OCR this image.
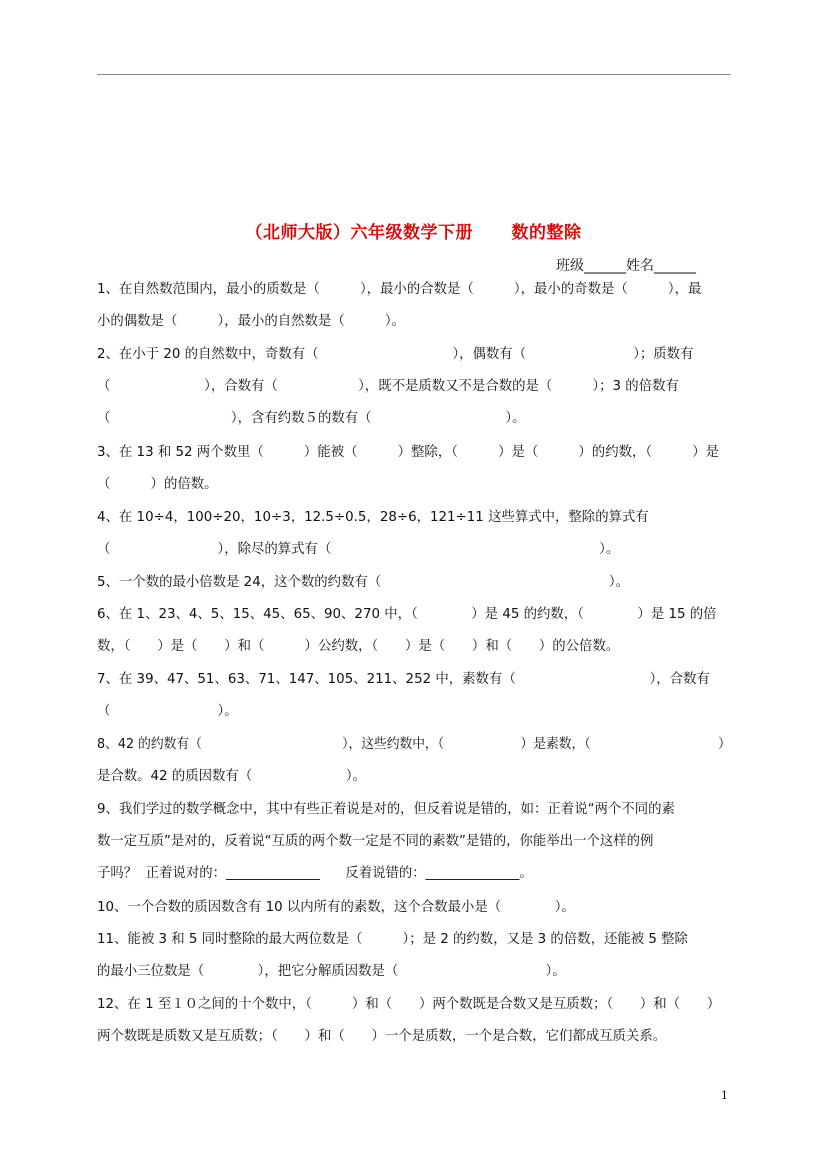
（北师大版）六年级数学下册      数的整除
班级______姓名______
1、在自然数范围内，最小的质数是（　　　），最小的合数是（　　　），最小的奇数是（　　　），最
小的偶数是（　　　），最小的自然数是（　　　）。
2、在小于 20 的自然数中，奇数有（　　　　　　　　　　），偶数有（　　　　　　　　）；质数有
（　　　　　　　），合数有（　　　　　　），既不是质数又不是合数的是（　　　）；3 的倍数有
（　　　　　　　　　），含有约数５的数有（　　　　　　　　　　）。
3、在 13 和 52 两个数里（　　　）能被（　　　）整除，（　　　）是（　　　）的约数，（　　　）是
（　　　）的倍数。
4、在 10÷4，100÷20，10÷3，12.5÷0.5，28÷6，121÷11 这些算式中，整除的算式有
（　　　　　　　　），除尽的算式有（　　　　　　　　　　　　　　　　　　　　）。
5、一个数的最小倍数是 24，这个数的约数有（　　　　　　　　　　　　　　　　　）。
6、在 1、23、4、5、15、45、65、90、270 中，（　　　　）是 45 的约数，（　　　　）是 15 的倍
数，（　　）是（　　）和（　　　）公约数，（　　）是（　　）和（　　）的公倍数。
7、在 39、47、51、63、71、147、105、211、252 中，素数有（　　　　　　　　　　），合数有
（　　　　　　　　）。
8、42 的约数有（　　　　　　　　　　　），这些约数中，（　　　　　　）是素数，（　　　　　　　　　　）
是合数。42 的质因数有（　　　　　　　）。
9、我们学过的数学概念中，其中有些正着说是对的，但反着说是错的，如：正着说“两个不同的素
数一定互质”是对的，反着说“互质的两个数一定是不同的素数”是错的，你能举出一个这样的例
子吗？  正着说对的：______________      反着说错的：______________。
10、一个合数的质因数含有 10 以内所有的素数，这个合数最小是（　　　　）。
11、能被 3 和 5 同时整除的最大两位数是（　　　）；是 2 的约数，又是 3 的倍数，还能被 5 整除
的最小三位数是（　　　　），把它分解质因数是（　　　　　　　　　　　）。
12、在 1 至１０之间的十个数中，（　　　）和（　　）两个数既是合数又是互质数；（　　）和（　　）
两个数既是质数又是互质数；（　　）和（　　）一个是质数，一个是合数，它们都成互质关系。
1
